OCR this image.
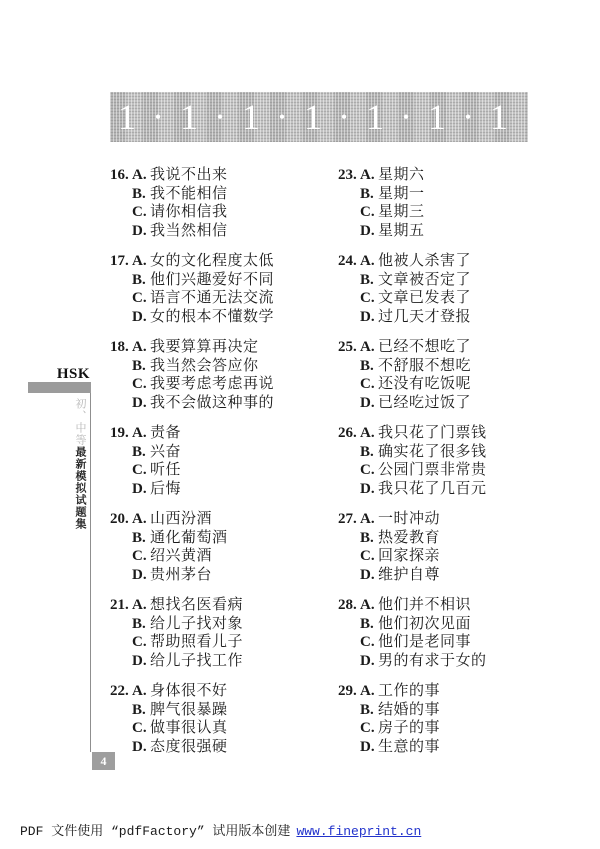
1 • 1 • 1 • 1 • 1 • 1 • 1
HSK
初、中等最新模拟试题集
4
16. A. 我说不出来
B. 我不能相信
C. 请你相信我
D. 我当然相信
17. A. 女的文化程度太低
B. 他们兴趣爱好不同
C. 语言不通无法交流
D. 女的根本不懂数学
18. A. 我要算算再决定
B. 我当然会答应你
C. 我要考虑考虑再说
D. 我不会做这种事的
19. A. 责备
B. 兴奋
C. 听任
D. 后悔
20. A. 山西汾酒
B. 通化葡萄酒
C. 绍兴黄酒
D. 贵州茅台
21. A. 想找名医看病
B. 给儿子找对象
C. 帮助照看儿子
D. 给儿子找工作
22. A. 身体很不好
B. 脾气很暴躁
C. 做事很认真
D. 态度很强硬
23. A. 星期六
B. 星期一
C. 星期三
D. 星期五
24. A. 他被人杀害了
B. 文章被否定了
C. 文章已发表了
D. 过几天才登报
25. A. 已经不想吃了
B. 不舒服不想吃
C. 还没有吃饭呢
D. 已经吃过饭了
26. A. 我只花了门票钱
B. 确实花了很多钱
C. 公园门票非常贵
D. 我只花了几百元
27. A. 一时冲动
B. 热爱教育
C. 回家探亲
D. 维护自尊
28. A. 他们并不相识
B. 他们初次见面
C. 他们是老同事
D. 男的有求于女的
29. A. 工作的事
B. 结婚的事
C. 房子的事
D. 生意的事
PDF 文件使用 “pdfFactory” 试用版本创建 www.fineprint.cn
